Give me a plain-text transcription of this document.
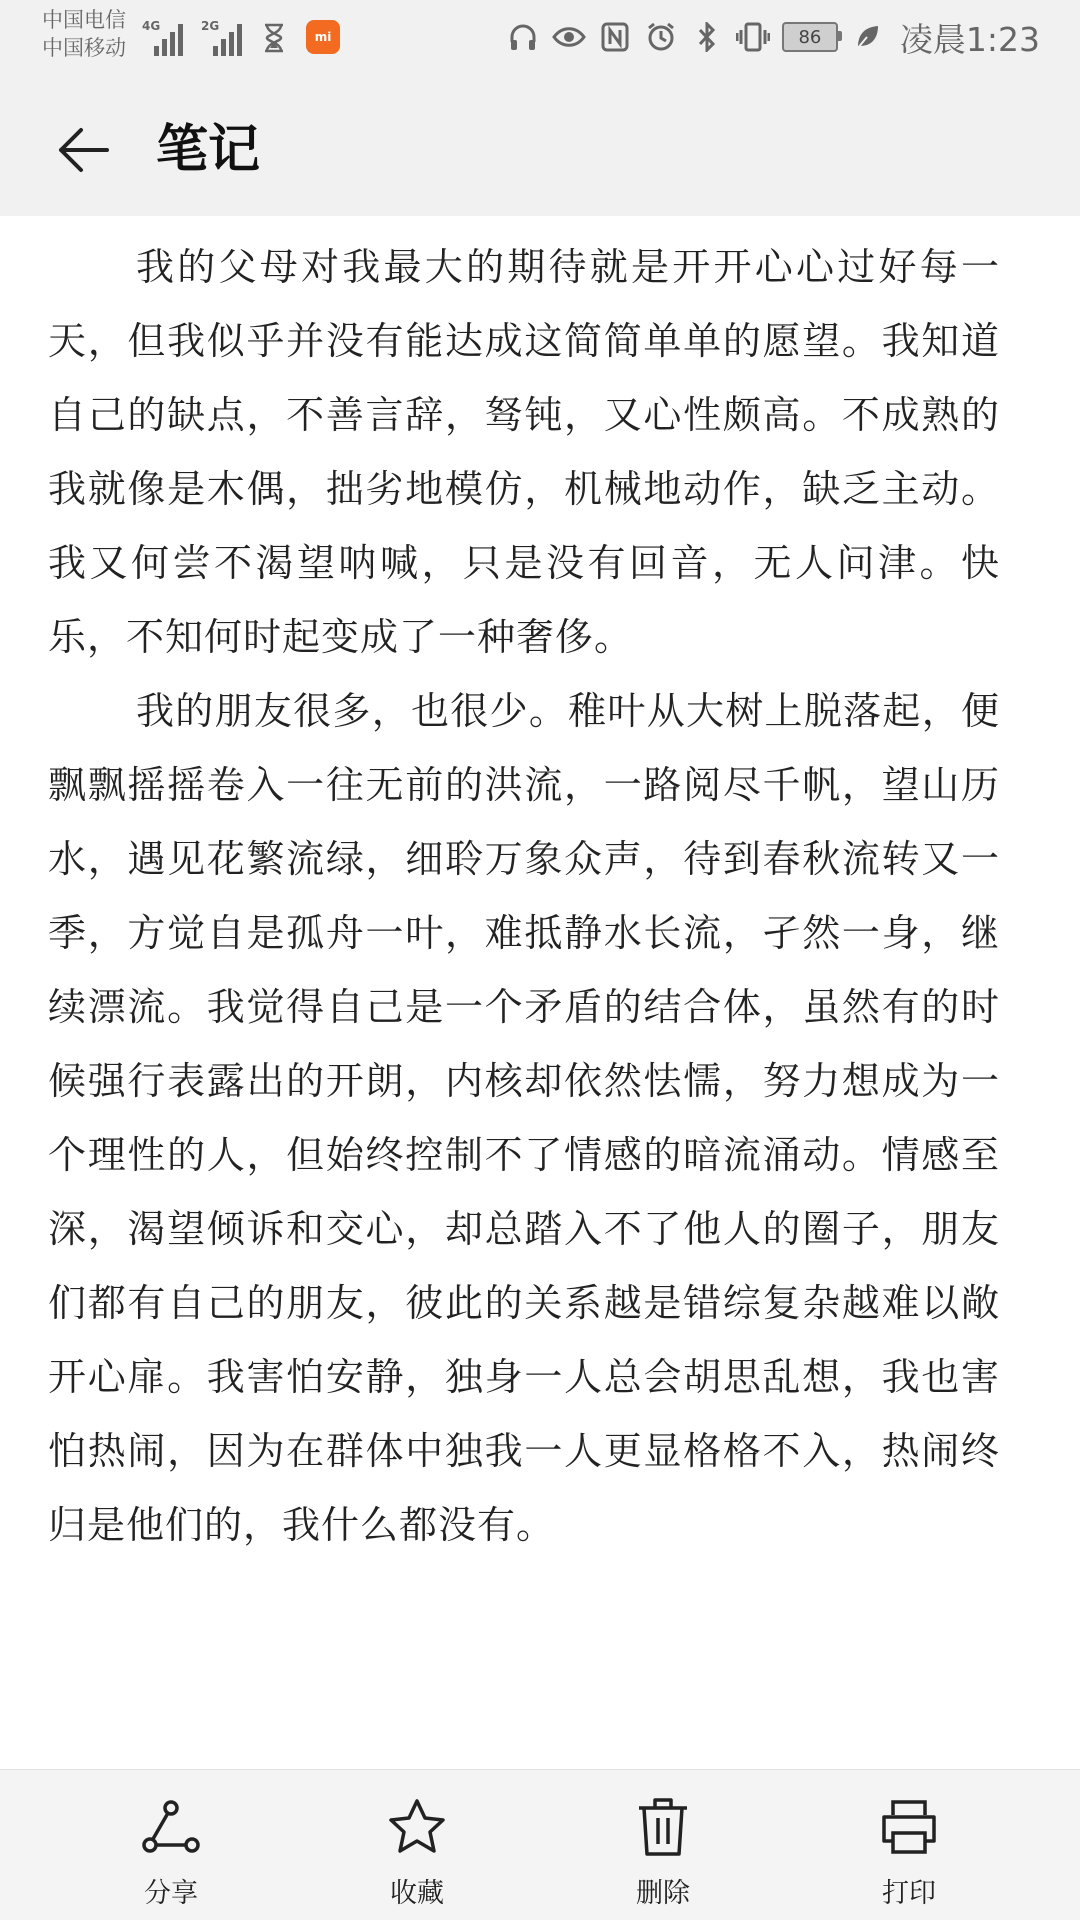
中国电信
中国移动
4G	2G
mi	86	凌晨1:23
笔记

我的父母对我最大的期待就是开开心心过好每一天，但我似乎并没有能达成这简简单单的愿望。我知道自己的缺点，不善言辞，驽钝，又心性颇高。不成熟的我就像是木偶，拙劣地模仿，机械地动作，缺乏主动。我又何尝不渴望呐喊，只是没有回音，无人问津。快乐，不知何时起变成了一种奢侈。

我的朋友很多，也很少。稚叶从大树上脱落起，便飘飘摇摇卷入一往无前的洪流，一路阅尽千帆，望山历水，遇见花繁流绿，细聆万象众声，待到春秋流转又一季，方觉自是孤舟一叶，难抵静水长流，孑然一身，继续漂流。我觉得自己是一个矛盾的结合体，虽然有的时候强行表露出的开朗，内核却依然怯懦，努力想成为一个理性的人，但始终控制不了情感的暗流涌动。情感至深，渴望倾诉和交心，却总踏入不了他人的圈子，朋友们都有自己的朋友，彼此的关系越是错综复杂越难以敞开心扉。我害怕安静，独身一人总会胡思乱想，我也害怕热闹，因为在群体中独我一人更显格格不入，热闹终归是他们的，我什么都没有。

分享	收藏	删除	打印
